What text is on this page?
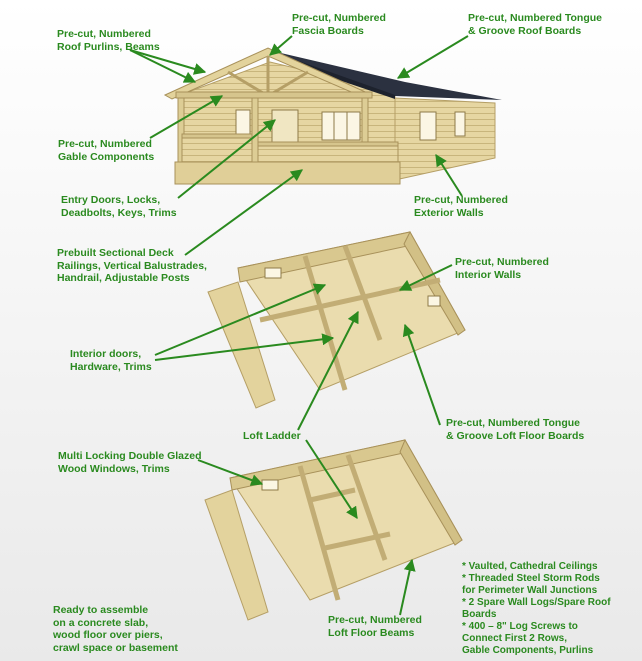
Pre-cut, Numbered
Roof Purlins, Beams
Pre-cut, Numbered
Fascia Boards
Pre-cut, Numbered Tongue
& Groove Roof Boards
Pre-cut, Numbered
Gable Components
Entry Doors, Locks,
Deadbolts, Keys, Trims
Pre-cut, Numbered
Exterior Walls
Prebuilt Sectional Deck
Railings, Vertical Balustrades,
Handrail, Adjustable Posts
Pre-cut, Numbered
Interior Walls
Interior doors,
Hardware, Trims
Pre-cut, Numbered Tongue
& Groove Loft Floor Boards
Loft Ladder
Multi Locking Double Glazed
Wood Windows, Trims
Ready to assemble
on a concrete slab,
wood floor over piers,
crawl space or basement
Pre-cut, Numbered
Loft Floor Beams
* Vaulted, Cathedral Ceilings
* Threaded Steel Storm Rods
for Perimeter Wall Junctions
* 2 Spare Wall Logs/Spare Roof
Boards
* 400 – 8" Log Screws to
Connect First 2 Rows,
Gable Components, Purlins
